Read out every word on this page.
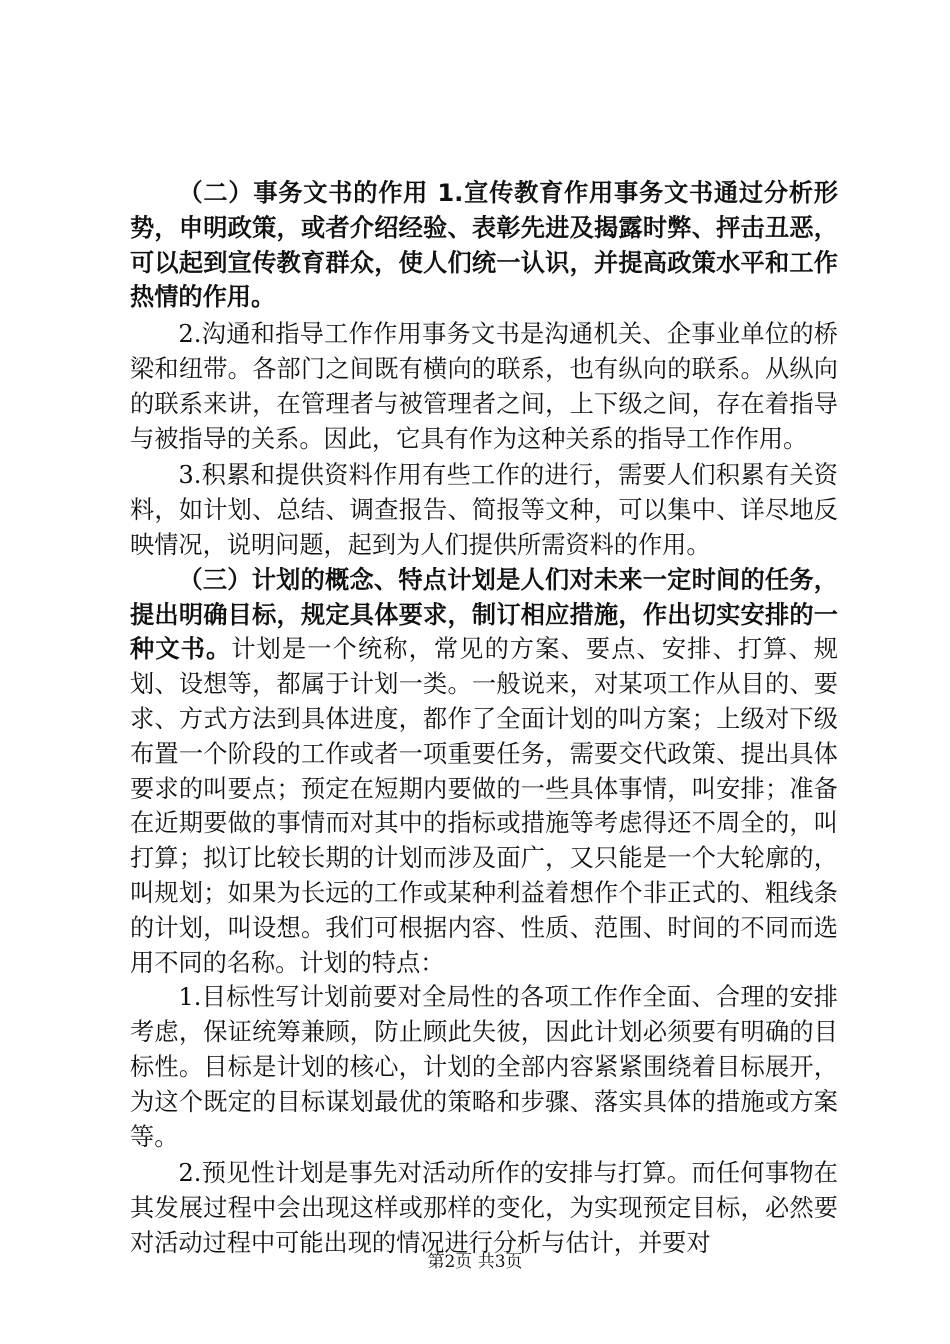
（二）事务文书的作用 1.宣传教育作用事务文书通过分析形势，申明政策，或者介绍经验、表彰先进及揭露时弊、抨击丑恶，可以起到宣传教育群众，使人们统一认识，并提高政策水平和工作热情的作用。

2.沟通和指导工作作用事务文书是沟通机关、企事业单位的桥梁和纽带。各部门之间既有横向的联系，也有纵向的联系。从纵向的联系来讲，在管理者与被管理者之间，上下级之间，存在着指导与被指导的关系。因此，它具有作为这种关系的指导工作作用。

3.积累和提供资料作用有些工作的进行，需要人们积累有关资料，如计划、总结、调查报告、简报等文种，可以集中、详尽地反映情况，说明问题，起到为人们提供所需资料的作用。

（三）计划的概念、特点计划是人们对未来一定时间的任务，提出明确目标，规定具体要求，制订相应措施，作出切实安排的一种文书。计划是一个统称，常见的方案、要点、安排、打算、规划、设想等，都属于计划一类。一般说来，对某项工作从目的、要求、方式方法到具体进度，都作了全面计划的叫方案；上级对下级布置一个阶段的工作或者一项重要任务，需要交代政策、提出具体要求的叫要点；预定在短期内要做的一些具体事情，叫安排；准备在近期要做的事情而对其中的指标或措施等考虑得还不周全的，叫打算；拟订比较长期的计划而涉及面广，又只能是一个大轮廓的，叫规划；如果为长远的工作或某种利益着想作个非正式的、粗线条的计划，叫设想。我们可根据内容、性质、范围、时间的不同而选用不同的名称。计划的特点：

1.目标性写计划前要对全局性的各项工作作全面、合理的安排考虑，保证统筹兼顾，防止顾此失彼，因此计划必须要有明确的目标性。目标是计划的核心，计划的全部内容紧紧围绕着目标展开，为这个既定的目标谋划最优的策略和步骤、落实具体的措施或方案等。

2.预见性计划是事先对活动所作的安排与打算。而任何事物在其发展过程中会出现这样或那样的变化，为实现预定目标，必然要对活动过程中可能出现的情况进行分析与估计，并要对

第2页 共3页
